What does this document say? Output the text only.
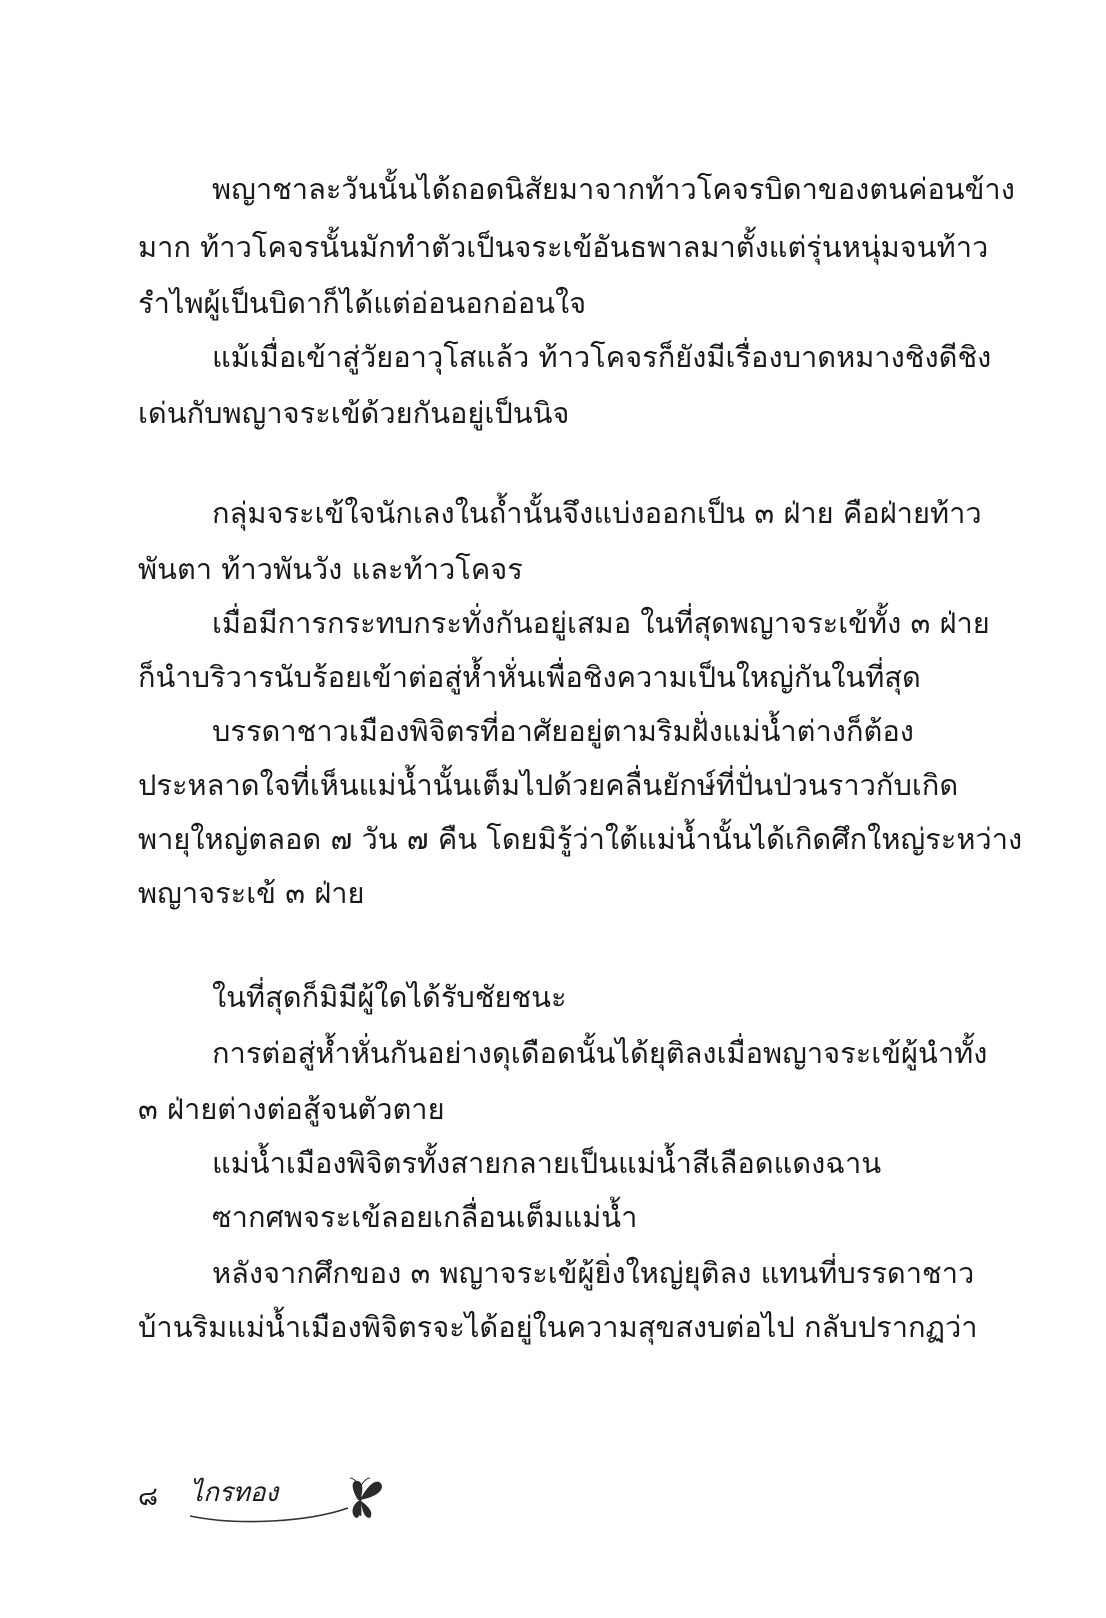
พญาชาละวันนั้นได้ถอดนิสัยมาจากท้าวโคจรบิดาของตนค่อนข้าง
มาก ท้าวโคจรนั้นมักทำตัวเป็นจระเข้อันธพาลมาตั้งแต่รุ่นหนุ่มจนท้าว
รำไพผู้เป็นบิดาก็ได้แต่อ่อนอกอ่อนใจ
แม้เมื่อเข้าสู่วัยอาวุโสแล้ว ท้าวโคจรก็ยังมีเรื่องบาดหมางชิงดีชิง
เด่นกับพญาจระเข้ด้วยกันอยู่เป็นนิจ
กลุ่มจระเข้ใจนักเลงในถ้ำนั้นจึงแบ่งออกเป็น ๓ ฝ่าย คือฝ่ายท้าว
พันตา ท้าวพันวัง และท้าวโคจร
เมื่อมีการกระทบกระทั่งกันอยู่เสมอ ในที่สุดพญาจระเข้ทั้ง ๓ ฝ่าย
ก็นำบริวารนับร้อยเข้าต่อสู่ห้ำหั่นเพื่อชิงความเป็นใหญ่กันในที่สุด
บรรดาชาวเมืองพิจิตรที่อาศัยอยู่ตามริมฝั่งแม่น้ำต่างก็ต้อง
ประหลาดใจที่เห็นแม่น้ำนั้นเต็มไปด้วยคลื่นยักษ์ที่ปั่นป่วนราวกับเกิด
พายุใหญ่ตลอด ๗ วัน ๗ คืน โดยมิรู้ว่าใต้แม่น้ำนั้นได้เกิดศึกใหญ่ระหว่าง
พญาจระเข้ ๓ ฝ่าย
ในที่สุดก็มิมีผู้ใดได้รับชัยชนะ
การต่อสู่ห้ำหั่นกันอย่างดุเดือดนั้นได้ยุติลงเมื่อพญาจระเข้ผู้นำทั้ง
๓ ฝ่ายต่างต่อสู้จนตัวตาย
แม่น้ำเมืองพิจิตรทั้งสายกลายเป็นแม่น้ำสีเลือดแดงฉาน
ซากศพจระเข้ลอยเกลื่อนเต็มแม่น้ำ
หลังจากศึกของ ๓ พญาจระเข้ผู้ยิ่งใหญ่ยุติลง แทนที่บรรดาชาว
บ้านริมแม่น้ำเมืองพิจิตรจะได้อยู่ในความสุขสงบต่อไป กลับปรากฏว่า
๘ ไกรทอง
